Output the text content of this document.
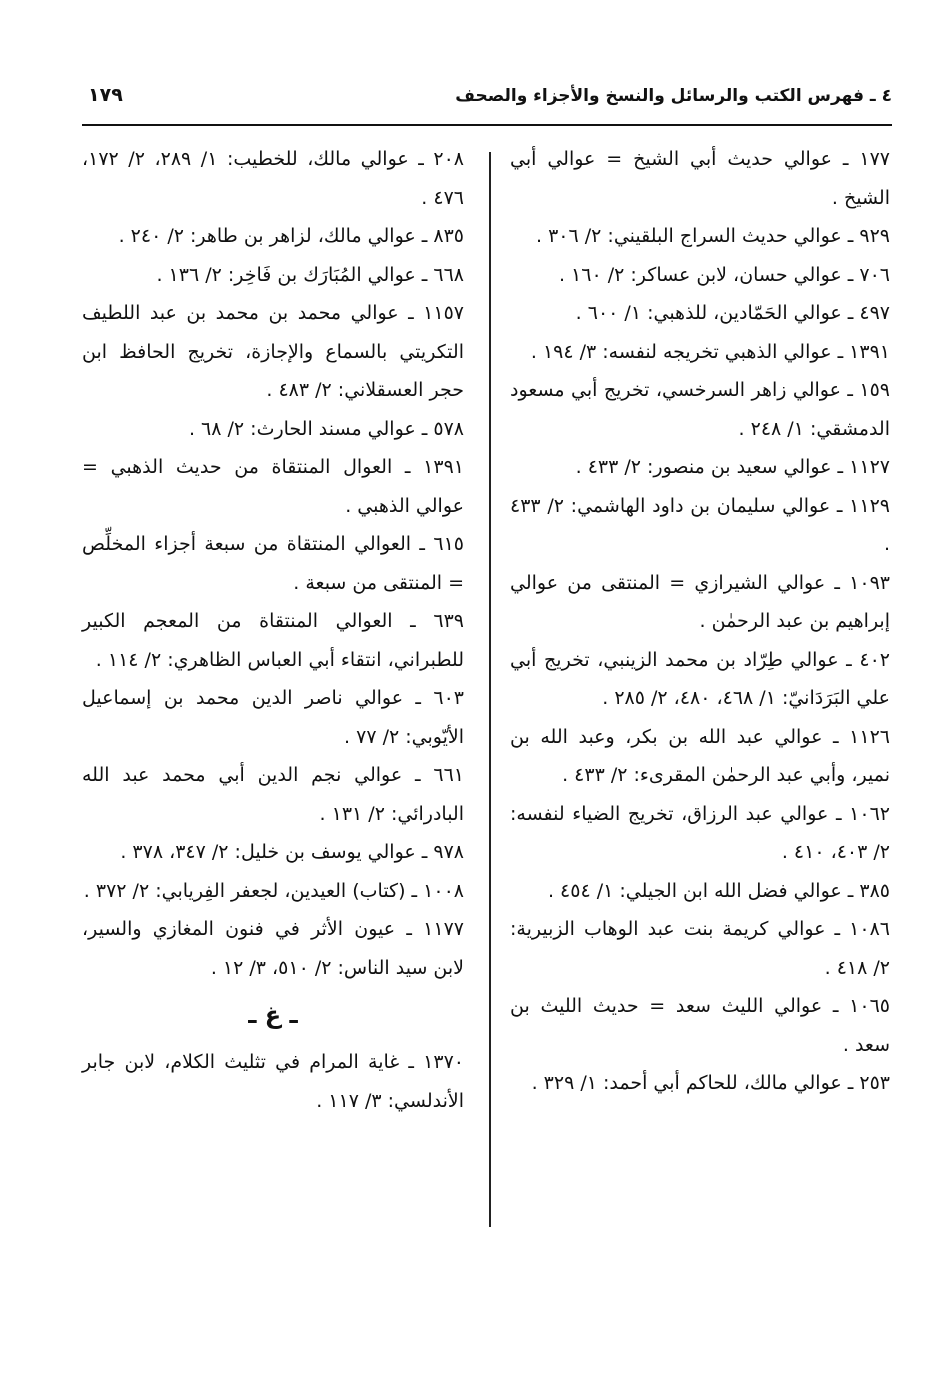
٤ ـ فهرس الكتب والرسائل والنسخ والأجزاء والصحف
١٧٩
١٧٧ ـ عوالي حديث أبي الشيخ = عوالي أبي الشيخ .
٩٢٩ ـ عوالي حديث السراج البلقيني: ٢/ ٣٠٦ .
٧٠٦ ـ عوالي حسان، لابن عساكر: ٢/ ١٦٠ .
٤٩٧ ـ عوالي الحَمّادين، للذهبي: ١/ ٦٠٠ .
١٣٩١ ـ عوالي الذهبي تخريجه لنفسه: ٣/ ١٩٤ .
١٥٩ ـ عوالي زاهر السرخسي، تخريج أبي مسعود الدمشقي: ١/ ٢٤٨ .
١١٢٧ ـ عوالي سعيد بن منصور: ٢/ ٤٣٣ .
١١٢٩ ـ عوالي سليمان بن داود الهاشمي: ٢/ ٤٣٣ .
١٠٩٣ ـ عوالي الشيرازي = المنتقى من عوالي إبراهيم بن عبد الرحمٰن .
٤٠٢ ـ عوالي طِرّاد بن محمد الزينبي، تخريج أبي علي البَرَدَانيّ: ١/ ٤٦٨، ٤٨٠، ٢/ ٢٨٥ .
١١٢٦ ـ عوالي عبد الله بن بكر، وعبد الله بن نمير، وأبي عبد الرحمٰن المقرىء: ٢/ ٤٣٣ .
١٠٦٢ ـ عوالي عبد الرزاق، تخريج الضياء لنفسه: ٢/ ٤٠٣، ٤١٠ .
٣٨٥ ـ عوالي فضل الله ابن الجيلي: ١/ ٤٥٤ .
١٠٨٦ ـ عوالي كريمة بنت عبد الوهاب الزبيرية: ٢/ ٤١٨ .
١٠٦٥ ـ عوالي الليث سعد = حديث الليث بن سعد .
٢٥٣ ـ عوالي مالك، للحاكم أبي أحمد: ١/ ٣٢٩ .
٢٠٨ ـ عوالي مالك، للخطيب: ١/ ٢٨٩، ٢/ ١٧٢، ٤٧٦ .
٨٣٥ ـ عوالي مالك، لزاهر بن طاهر: ٢/ ٢٤٠ .
٦٦٨ ـ عوالي المُبَارَك بن فَاخِر: ٢/ ١٣٦ .
١١٥٧ ـ عوالي محمد بن محمد بن عبد اللطيف التكريتي بالسماع والإجازة، تخريج الحافظ ابن حجر العسقلاني: ٢/ ٤٨٣ .
٥٧٨ ـ عوالي مسند الحارث: ٢/ ٦٨ .
١٣٩١ ـ العوال المنتقاة من حديث الذهبي = عوالي الذهبي .
٦١٥ ـ العوالي المنتقاة من سبعة أجزاء المخلِّص = المنتقى من سبعة .
٦٣٩ ـ العوالي المنتقاة من المعجم الكبير للطبراني، انتقاء أبي العباس الظاهري: ٢/ ١١٤ .
٦٠٣ ـ عوالي ناصر الدين محمد بن إسماعيل الأيّوبي: ٢/ ٧٧ .
٦٦١ ـ عوالي نجم الدين أبي محمد عبد الله البادرائي: ٢/ ١٣١ .
٩٧٨ ـ عوالي يوسف بن خليل: ٢/ ٣٤٧، ٣٧٨ .
١٠٠٨ ـ (كتاب) العيدين، لجعفر الفِريابي: ٢/ ٣٧٢ .
١١٧٧ ـ عيون الأثر في فنون المغازي والسير، لابن سيد الناس: ٢/ ٥١٠، ٣/ ١٢ .
ـ غ ـ
١٣٧٠ ـ غاية المرام في تثليث الكلام، لابن جابر الأندلسي: ٣/ ١١٧ .
